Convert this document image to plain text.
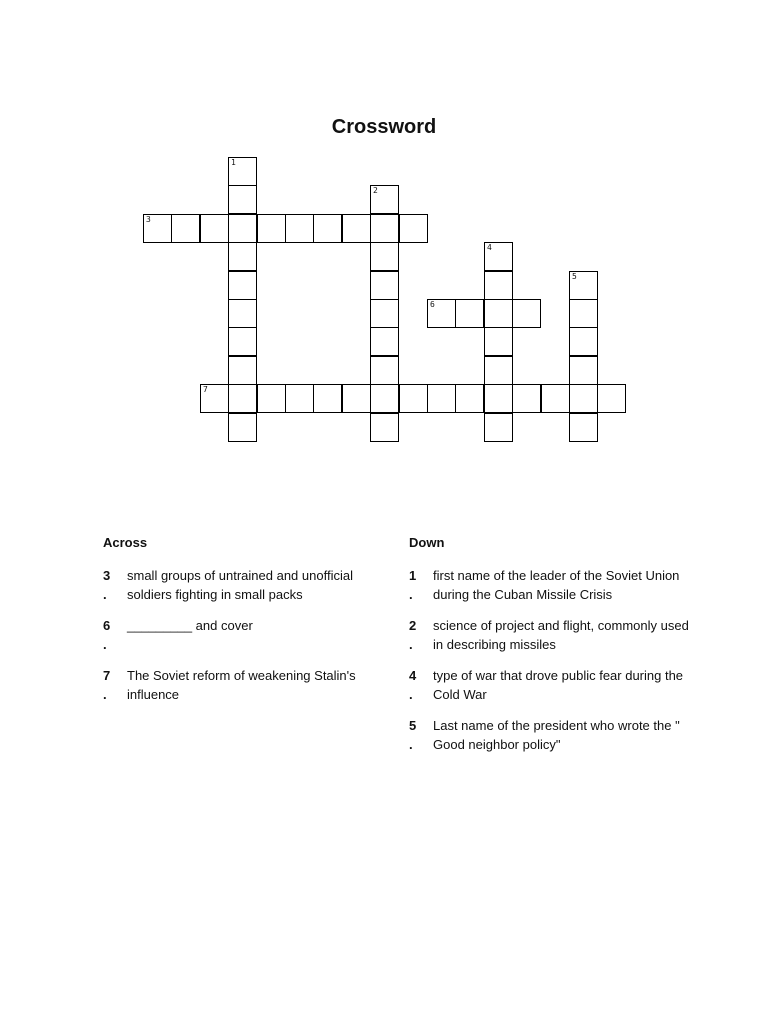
Crossword
1
2
3
4
5
6
7
Across
3
.
small groups of untrained and unofficial soldiers fighting in small packs
6
.
_________ and cover
7
.
The Soviet reform of weakening Stalin's influence
Down
1
.
first name of the leader of the Soviet Union during the Cuban Missile Crisis
2
.
science of project and flight, commonly used in describing missiles
4
.
type of war that drove public fear during the Cold War
5
.
Last name of the president who wrote the " Good neighbor policy"
